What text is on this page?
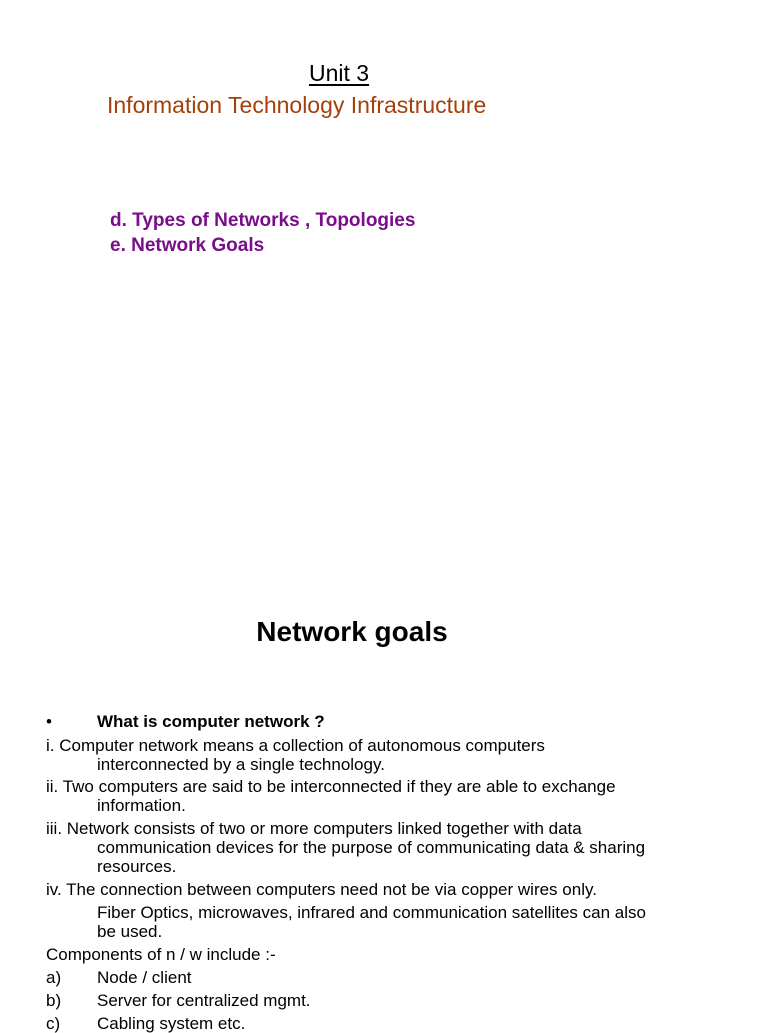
Unit 3
Information Technology Infrastructure
d. Types of Networks , Topologies
e. Network Goals
Network goals
•	What is computer network ?
i. Computer network means a collection of autonomous computers
interconnected by a single technology.
ii. Two computers are said to be interconnected if they are able to exchange
information.
iii. Network consists of two or more computers linked together with data
communication devices for the purpose of communicating data & sharing
resources.
iv. The connection between computers need not be via copper wires only.
Fiber Optics, microwaves, infrared and communication satellites can also
be used.
Components of n / w include :-
a) Node / client
b) Server for centralized mgmt.
c) Cabling system etc.
